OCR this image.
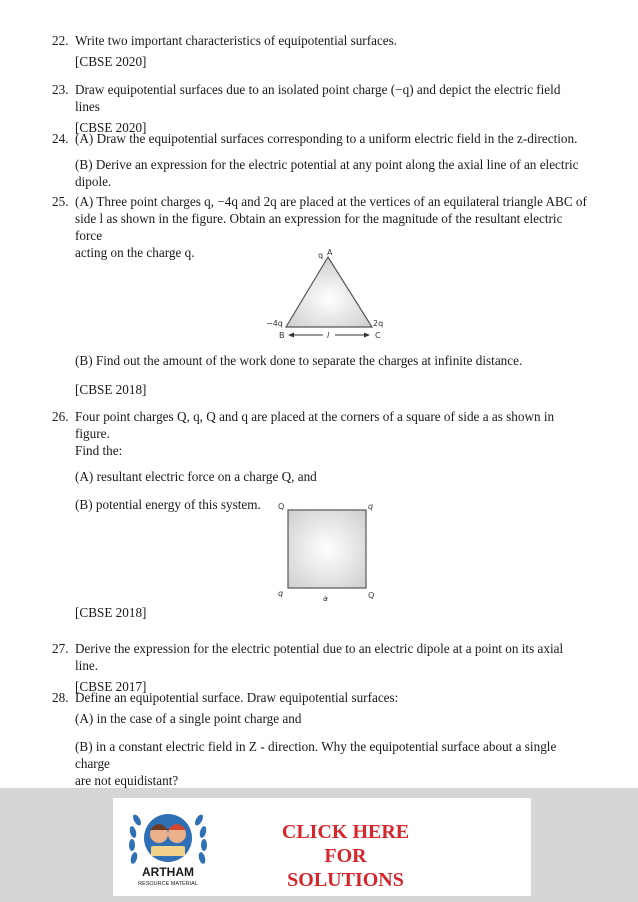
22. Write two important characteristics of equipotential surfaces.
[CBSE 2020]
23. Draw equipotential surfaces due to an isolated point charge (−q) and depict the electric field lines
[CBSE 2020]
24. (A) Draw the equipotential surfaces corresponding to a uniform electric field in the z-direction.
(B) Derive an expression for the electric potential at any point along the axial line of an electric
dipole.
25. (A) Three point charges q, −4q and 2q are placed at the vertices of an equilateral triangle ABC of
side l as shown in the figure. Obtain an expression for the magnitude of the resultant electric force
acting on the charge q.	q A
−4q
B
2q
C
l
(B) Find out the amount of the work done to separate the charges at infinite distance.
[CBSE 2018]
26. Four point charges Q, q, Q and q are placed at the corners of a square of side a as shown in figure.
Find the:
(A) resultant electric force on a charge Q, and
(B) potential energy of this system.	Q	q
q	Q
a
[CBSE 2018]
27. Derive the expression for the electric potential due to an electric dipole at a point on its axial line.
[CBSE 2017]
28. Define an equipotential surface. Draw equipotential surfaces:
(A) in the case of a single point charge and
(B) in a constant electric field in Z - direction. Why the equipotential surface about a single charge
are not equidistant?
ARTHAM
RESOURCE MATERIAL
CLICK HERE FOR
SOLUTIONS
